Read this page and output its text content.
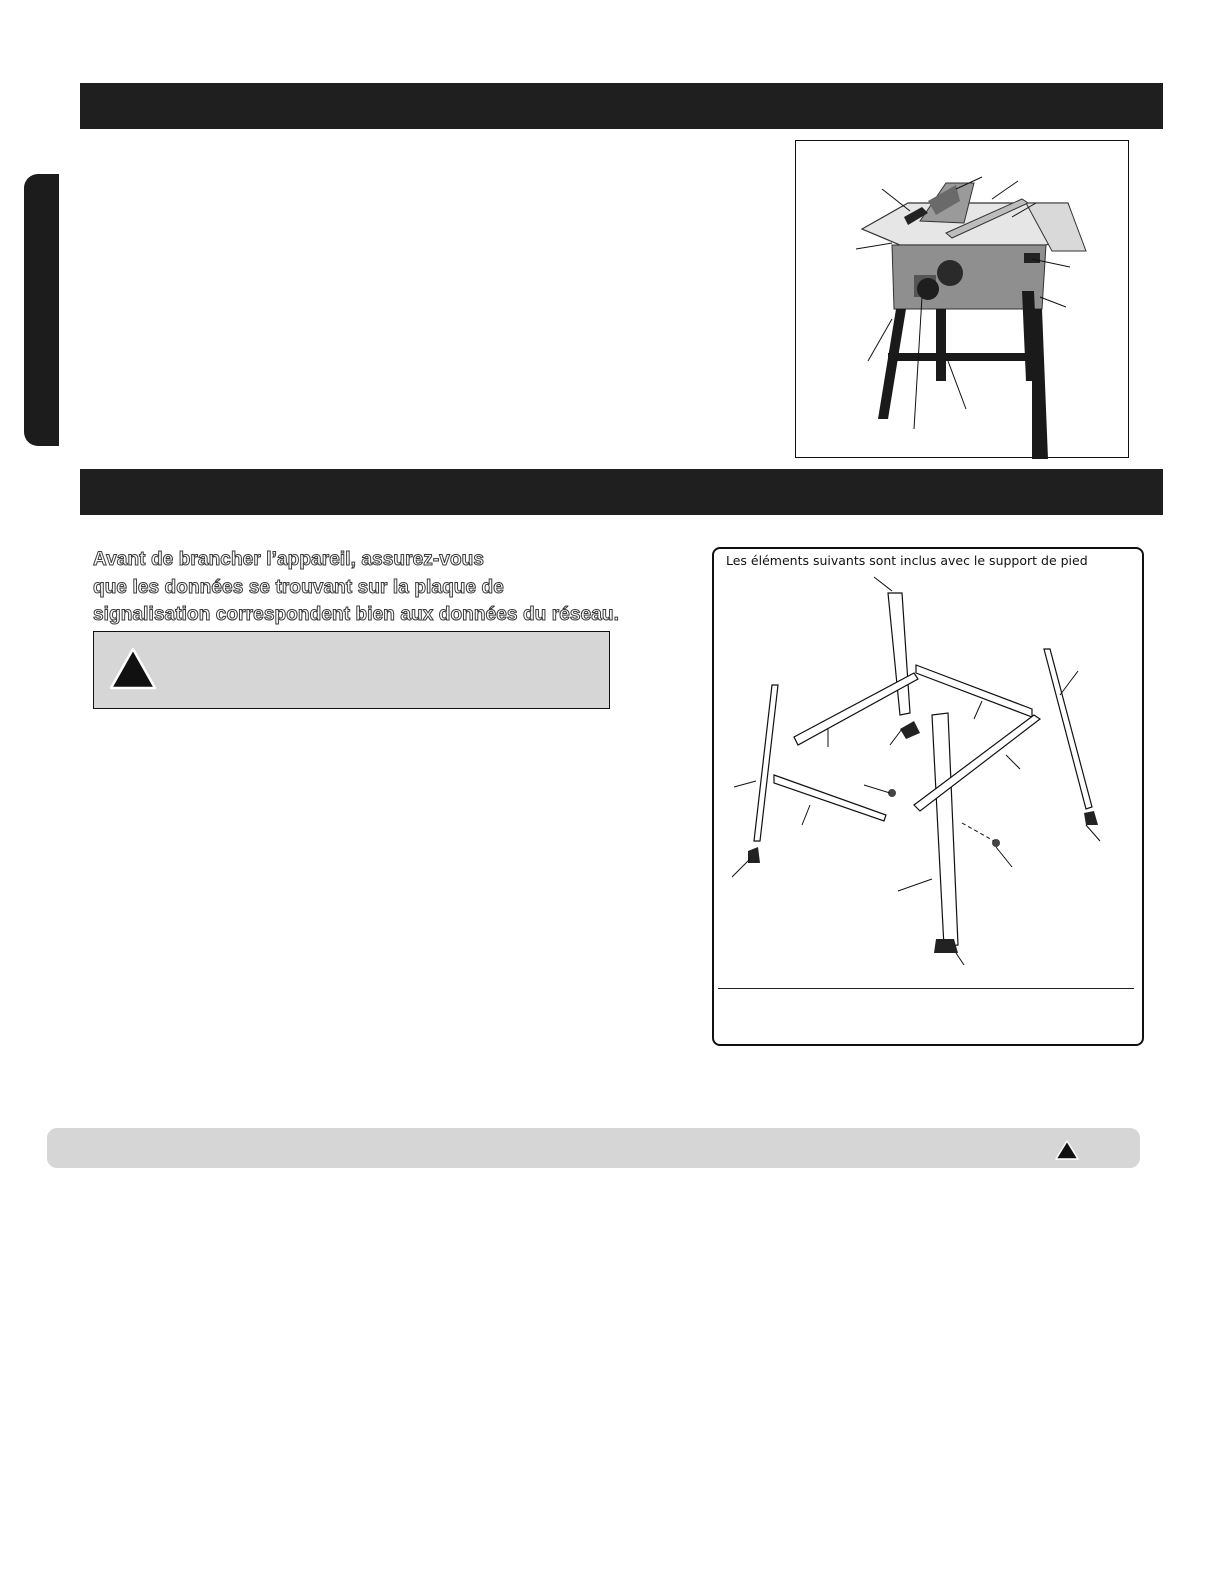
Avant de brancher l’appareil, assurez-vous
que les données se trouvant sur la plaque de
signalisation correspondent bien aux données du réseau.
Les éléments suivants sont inclus avec le support de pied
